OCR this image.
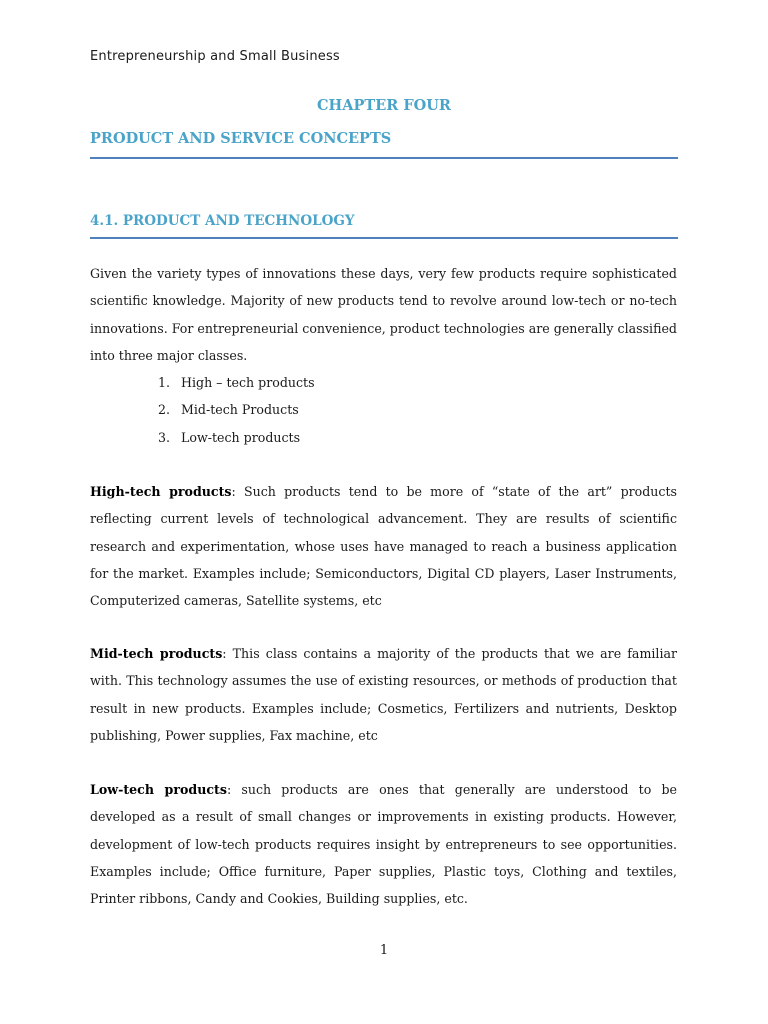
Entrepreneurship and Small Business
CHAPTER FOUR
PRODUCT AND SERVICE CONCEPTS
4.1. PRODUCT AND TECHNOLOGY

Given the variety types of innovations these days, very few products require sophisticated scientific knowledge. Majority of new products tend to revolve around low-tech or no-tech innovations. For entrepreneurial convenience, product technologies are generally classified into three major classes.

1. High – tech products
2. Mid-tech Products
3. Low-tech products

High-tech products: Such products tend to be more of “state of the art” products reflecting current levels of technological advancement. They are results of scientific research and experimentation, whose uses have managed to reach a business application for the market. Examples include; Semiconductors, Digital CD players, Laser Instruments, Computerized cameras, Satellite systems, etc

Mid-tech products: This class contains a majority of the products that we are familiar with. This technology assumes the use of existing resources, or methods of production that result in new products. Examples include; Cosmetics, Fertilizers and nutrients, Desktop publishing, Power supplies, Fax machine, etc

Low-tech products: such products are ones that generally are understood to be developed as a result of small changes or improvements in existing products. However, development of low-tech products requires insight by entrepreneurs to see opportunities. Examples include; Office furniture, Paper supplies, Plastic toys, Clothing and textiles, Printer ribbons, Candy and Cookies, Building supplies, etc.

1
